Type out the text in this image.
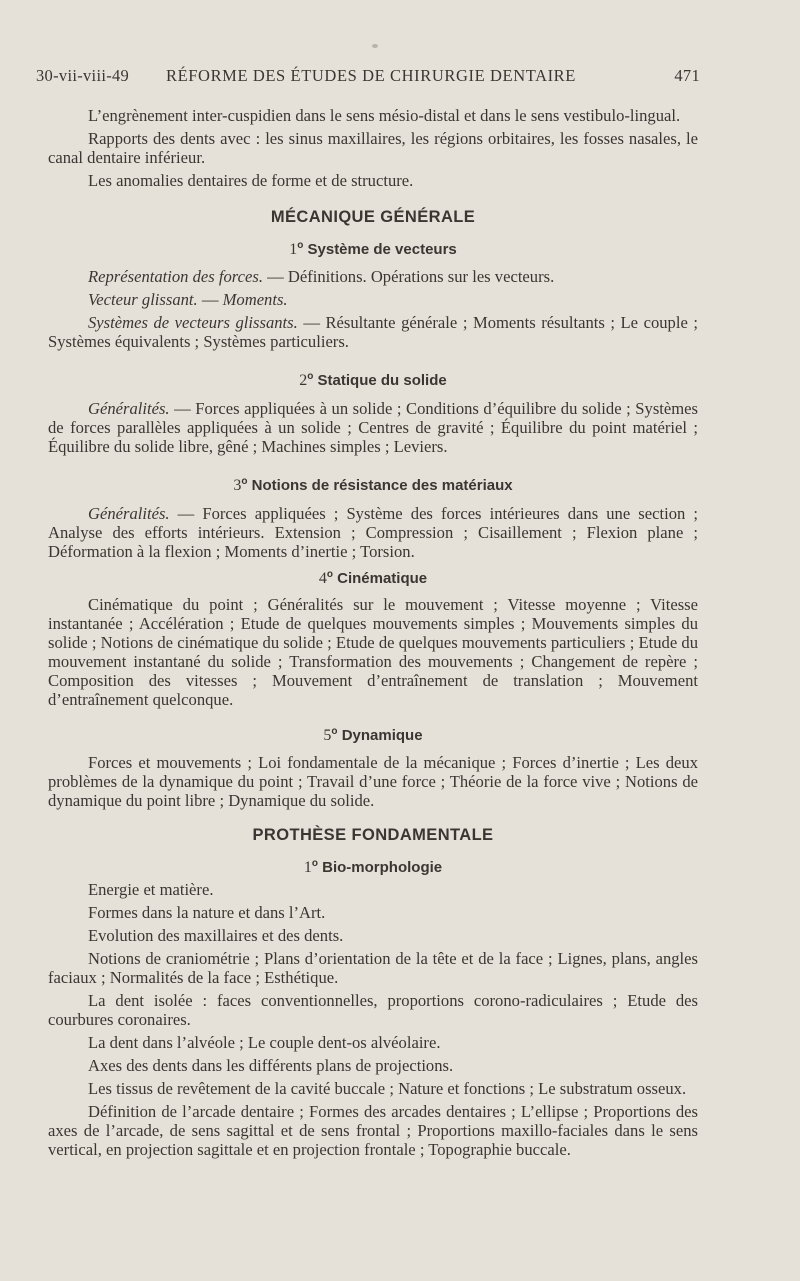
30-vii-viii-49 RÉFORME DES ÉTUDES DE CHIRURGIE DENTAIRE	471

L’engrènement inter-cuspidien dans le sens mésio-distal et dans le sens vestibulo-lingual.

Rapports des dents avec : les sinus maxillaires, les régions orbitaires, les fosses nasales, le canal dentaire inférieur.

Les anomalies dentaires de forme et de structure.

MÉCANIQUE GÉNÉRALE
1$^o$ Système de vecteurs

Représentation des forces. — Définitions. Opérations sur les vecteurs.

Vecteur glissant. — Moments.

Systèmes de vecteurs glissants. — Résultante générale ; Moments résultants ; Le couple ; Systèmes équivalents ; Systèmes particuliers.

2$^o$ Statique du solide

Généralités. — Forces appliquées à un solide ; Conditions d’équilibre du solide ; Systèmes de forces parallèles appliquées à un solide ; Centres de gravité ; Équilibre du point matériel ; Équilibre du solide libre, gêné ; Machines simples ; Leviers.

3$^o$ Notions de résistance des matériaux

Généralités. — Forces appliquées ; Système des forces intérieures dans une section ; Analyse des efforts intérieurs. Extension ; Compression ; Cisaillement ; Flexion plane ; Déformation à la flexion ; Moments d’inertie ; Torsion.

4$^o$ Cinématique

Cinématique du point ; Généralités sur le mouvement ; Vitesse moyenne ; Vitesse instantanée ; Accélération ; Etude de quelques mouvements simples ; Mouvements simples du solide ; Notions de cinématique du solide ; Etude de quelques mouvements particuliers ; Etude du mouvement instantané du solide ; Transformation des mouvements ; Changement de repère ; Composition des vitesses ; Mouvement d’entraînement de translation ; Mouvement d’entraînement quelconque.

5$^o$ Dynamique

Forces et mouvements ; Loi fondamentale de la mécanique ; Forces d’inertie ; Les deux problèmes de la dynamique du point ; Travail d’une force ; Théorie de la force vive ; Notions de dynamique du point libre ; Dynamique du solide.

PROTHÈSE FONDAMENTALE
1$^o$ Bio-morphologie

Energie et matière.

Formes dans la nature et dans l’Art.

Evolution des maxillaires et des dents.

Notions de craniométrie ; Plans d’orientation de la tête et de la face ; Lignes, plans, angles faciaux ; Normalités de la face ; Esthétique.

La dent isolée : faces conventionnelles, proportions corono-radiculaires ; Etude des courbures coronaires.

La dent dans l’alvéole ; Le couple dent-os alvéolaire.

Axes des dents dans les différents plans de projections.

Les tissus de revêtement de la cavité buccale ; Nature et fonctions ; Le substratum osseux.

Définition de l’arcade dentaire ; Formes des arcades dentaires ; L’ellipse ; Proportions des axes de l’arcade, de sens sagittal et de sens frontal ; Proportions maxillo-faciales dans le sens vertical, en projection sagittale et en projection frontale ; Topographie buccale.
